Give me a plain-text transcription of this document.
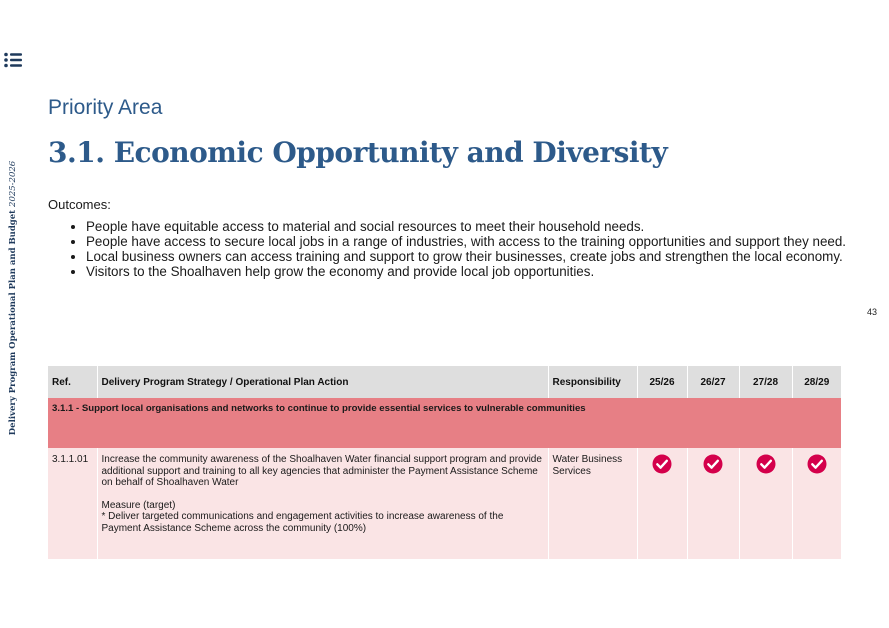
Delivery Program Operational Plan and Budget 2025-2026
43
Priority Area
3.1. Economic Opportunity and Diversity
Outcomes:
• People have equitable access to material and social resources to meet their household needs.
• People have access to secure local jobs in a range of industries, with access to the training opportunities and support they need.
• Local business owners can access training and support to grow their businesses, create jobs and strengthen the local economy.
• Visitors to the Shoalhaven help grow the economy and provide local job opportunities.
Ref.	Delivery Program Strategy / Operational Plan Action	Responsibility	25/26	26/27	27/28	28/29
3.1.1 - Support local organisations and networks to continue to provide essential services to vulnerable communities						
3.1.1.01	Increase the community awareness of the Shoalhaven Water financial support program and provide additional support and training to all key agencies that administer the Payment Assistance Scheme on behalf of Shoalhaven Water
Measure (target)
* Deliver targeted communications and engagement activities to increase awareness of the Payment Assistance Scheme across the community (100%)	Water Business Services				
